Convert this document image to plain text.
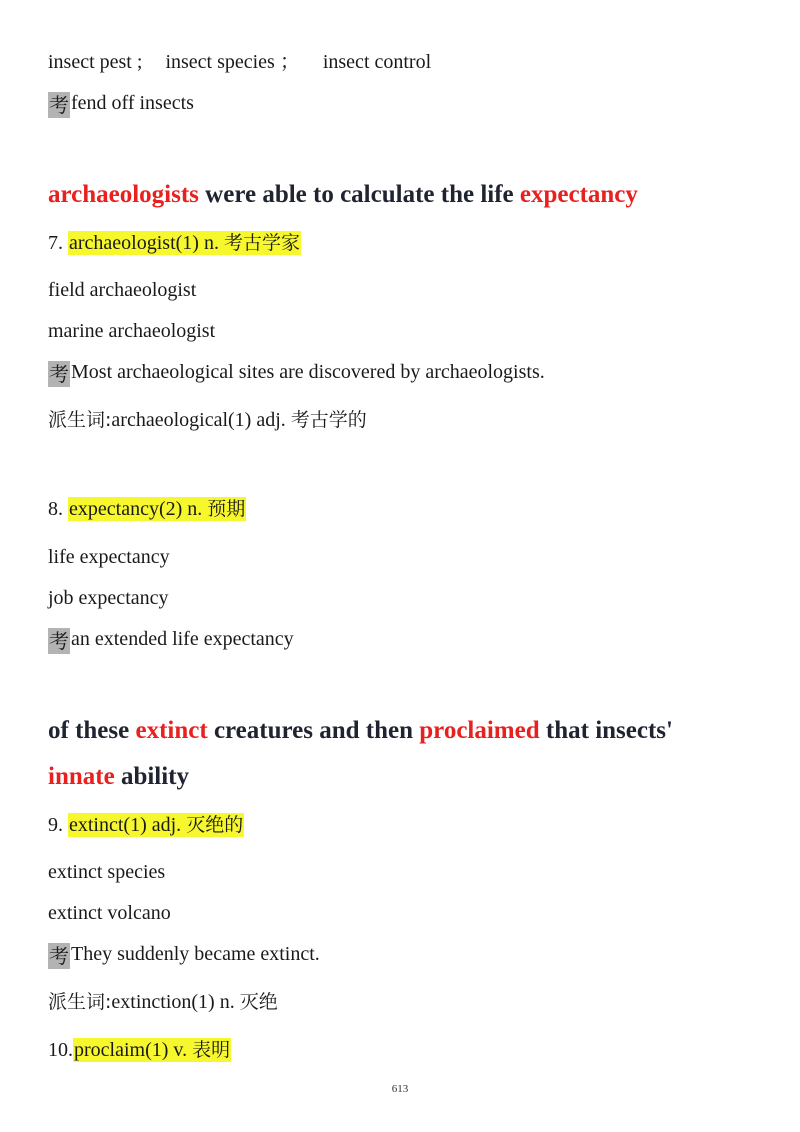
insect pest ; insect species ； insect control
考 fend off insects
archaeologists were able to calculate the life expectancy
7. archaeologist(1) n. 考古学家
field archaeologist
marine archaeologist
考 Most archaeological sites are discovered by archaeologists.
派生词:archaeological(1) adj. 考古学的
8. expectancy(2) n. 预期
life expectancy
job expectancy
考 an extended life expectancy
of these extinct creatures and then proclaimed that insects'
innate ability
9. extinct(1) adj. 灭绝的
extinct species
extinct volcano
考 They suddenly became extinct.
派生词:extinction(1) n. 灭绝
10.proclaim(1) v. 表明
613
